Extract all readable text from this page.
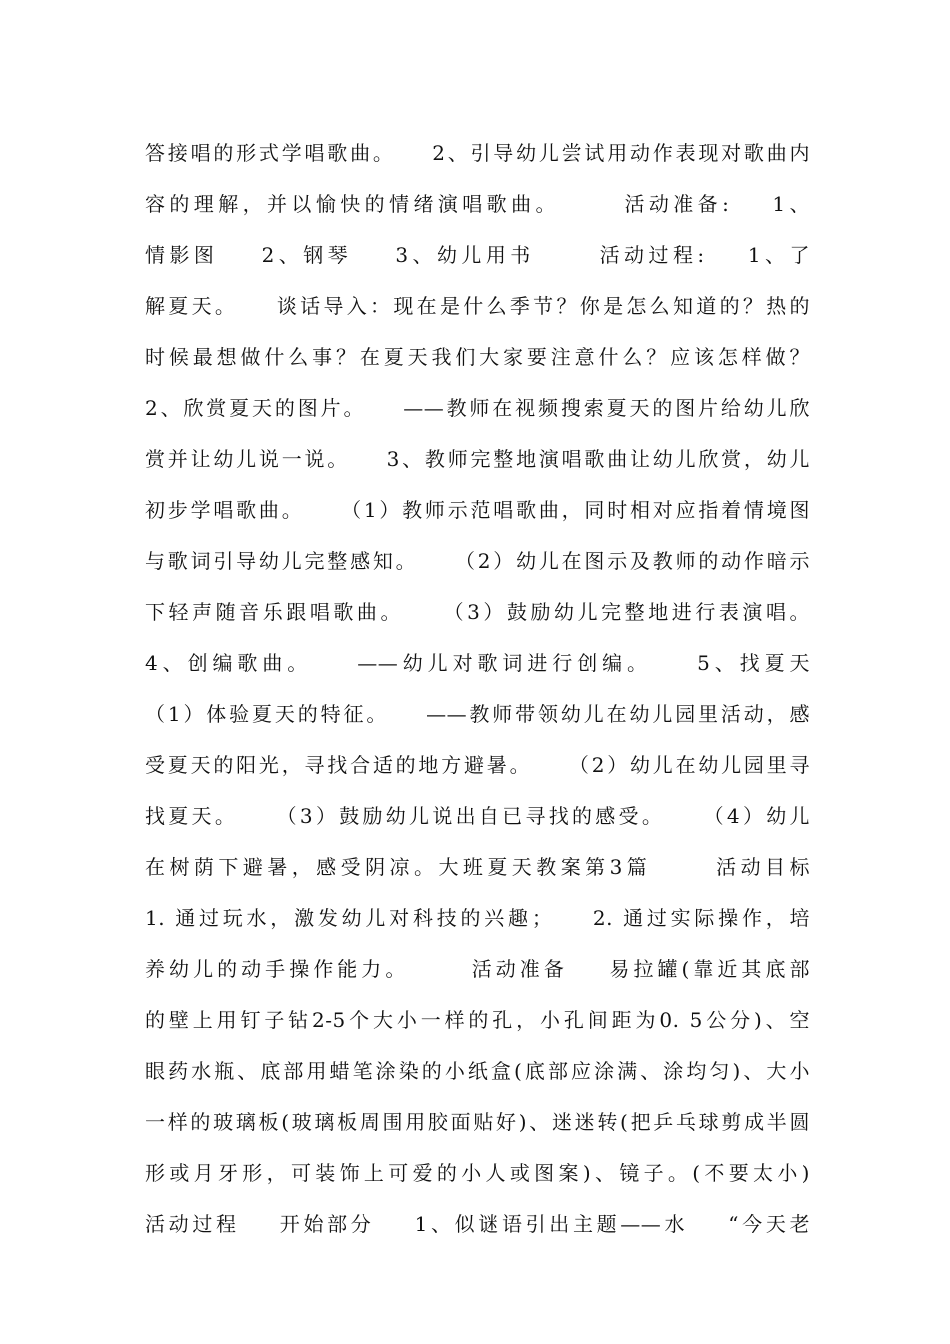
答接唱的形式学唱歌曲。    2、引导幼儿尝试用动作表现对歌曲内
容的理解，并以愉快的情绪演唱歌曲。      活动准备:    1、
情影图    2、钢琴    3、幼儿用书      活动过程:    1、了
解夏天。    谈话导入：现在是什么季节？你是怎么知道的？热的
时候最想做什么事？在夏天我们大家要注意什么？应该怎样做？
2、欣赏夏天的图片。    ——教师在视频搜索夏天的图片给幼儿欣
赏并让幼儿说一说。    3、教师完整地演唱歌曲让幼儿欣赏，幼儿
初步学唱歌曲。    （1）教师示范唱歌曲，同时相对应指着情境图
与歌词引导幼儿完整感知。    （2）幼儿在图示及教师的动作暗示
下轻声随音乐跟唱歌曲。    （3）鼓励幼儿完整地进行表演唱。
4、创编歌曲。    ——幼儿对歌词进行创编。    5、找夏天
（1）体验夏天的特征。    ——教师带领幼儿在幼儿园里活动，感
受夏天的阳光，寻找合适的地方避暑。    （2）幼儿在幼儿园里寻
找夏天。    （3）鼓励幼儿说出自已寻找的感受。    （4）幼儿
在树荫下避暑，感受阴凉。大班夏天教案第3篇      活动目标
1. 通过玩水，激发幼儿对科技的兴趣；    2. 通过实际操作，培
养幼儿的动手操作能力。      活动准备    易拉罐(靠近其底部
的壁上用钉子钻2-5个大小一样的孔，小孔间距为0. 5公分)、空
眼药水瓶、底部用蜡笔涂染的小纸盒(底部应涂满、涂均匀)、大小
一样的玻璃板(玻璃板周围用胶面贴好)、迷迷转(把乒乓球剪成半圆
形或月牙形，可装饰上可爱的小人或图案)、镜子。(不要太小)
活动过程    开始部分    1、似谜语引出主题——水    “今天老
